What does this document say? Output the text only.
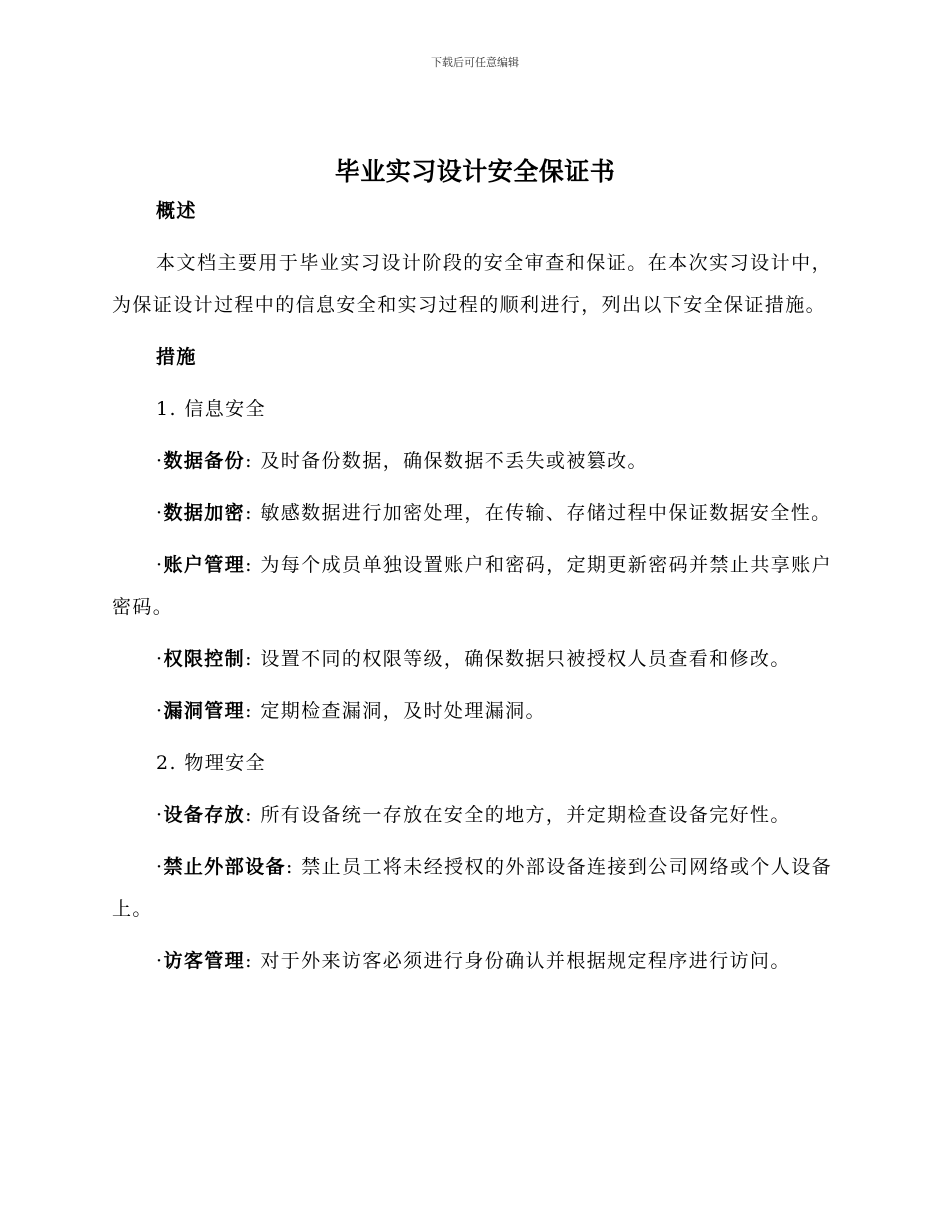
下载后可任意编辑
毕业实习设计安全保证书
概述

本文档主要用于毕业实习设计阶段的安全审查和保证。在本次实习设计中，为保证设计过程中的信息安全和实习过程的顺利进行，列出以下安全保证措施。

措施
1. 信息安全

·数据备份: 及时备份数据，确保数据不丢失或被篡改。

·数据加密: 敏感数据进行加密处理，在传输、存储过程中保证数据安全性。

·账户管理: 为每个成员单独设置账户和密码，定期更新密码并禁止共享账户密码。

·权限控制: 设置不同的权限等级，确保数据只被授权人员查看和修改。

·漏洞管理: 定期检查漏洞，及时处理漏洞。

2. 物理安全

·设备存放: 所有设备统一存放在安全的地方，并定期检查设备完好性。

·禁止外部设备: 禁止员工将未经授权的外部设备连接到公司网络或个人设备上。

·访客管理: 对于外来访客必须进行身份确认并根据规定程序进行访问。
